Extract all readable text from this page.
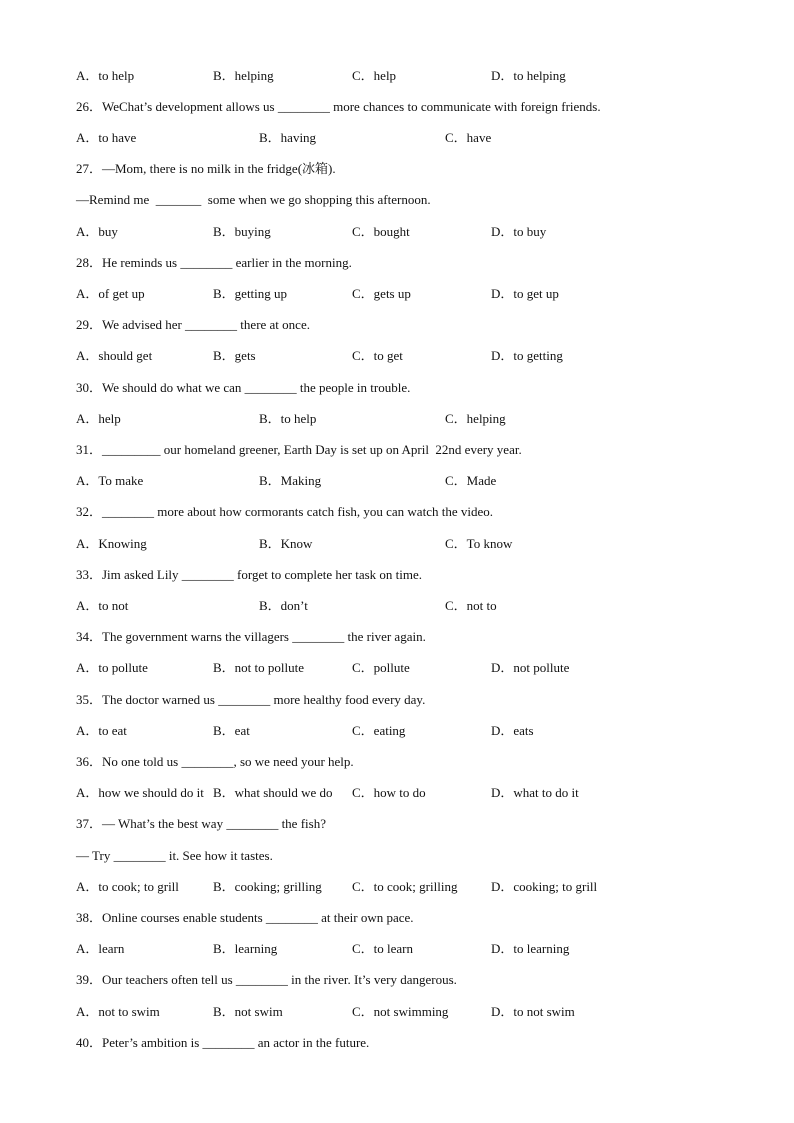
A．to help	B．helping	C．help	D．to helping
26．WeChat’s development allows us ________ more chances to communicate with foreign friends.
A．to have	B．having	C．have
27．—Mom, there is no milk in the fridge(冰箱).
—Remind me  _______  some when we go shopping this afternoon.
A．buy	B．buying	C．bought	D．to buy
28．He reminds us ________ earlier in the morning.
A．of get up	B．getting up	C．gets up	D．to get up
29．We advised her ________ there at once.
A．should get	B．gets	C．to get	D．to getting
30．We should do what we can ________ the people in trouble.
A．help	B．to help	C．helping
31．_________ our homeland greener, Earth Day is set up on April  22nd every year.
A．To make	B．Making	C．Made
32．________ more about how cormorants catch fish, you can watch the video.
A．Knowing	B．Know	C．To know
33．Jim asked Lily ________ forget to complete her task on time.
A．to not	B．don’t	C．not to
34．The government warns the villagers ________ the river again.
A．to pollute	B．not to pollute	C．pollute	D．not pollute
35．The doctor warned us ________ more healthy food every day.
A．to eat	B．eat	C．eating	D．eats
36．No one told us ________, so we need your help.
A．how we should do it B．what should we do C．how to do	D．what to do it
37．— What’s the best way ________ the fish?
— Try ________ it. See how it tastes.
A．to cook; to grill	B．cooking; grilling C．to cook; grilling	D．cooking; to grill
38．Online courses enable students ________ at their own pace.
A．learn	B．learning	C．to learn	D．to learning
39．Our teachers often tell us ________ in the river. It’s very dangerous.
A．not to swim	B．not swim	C．not swimming	D．to not swim
40．Peter’s ambition is ________ an actor in the future.
